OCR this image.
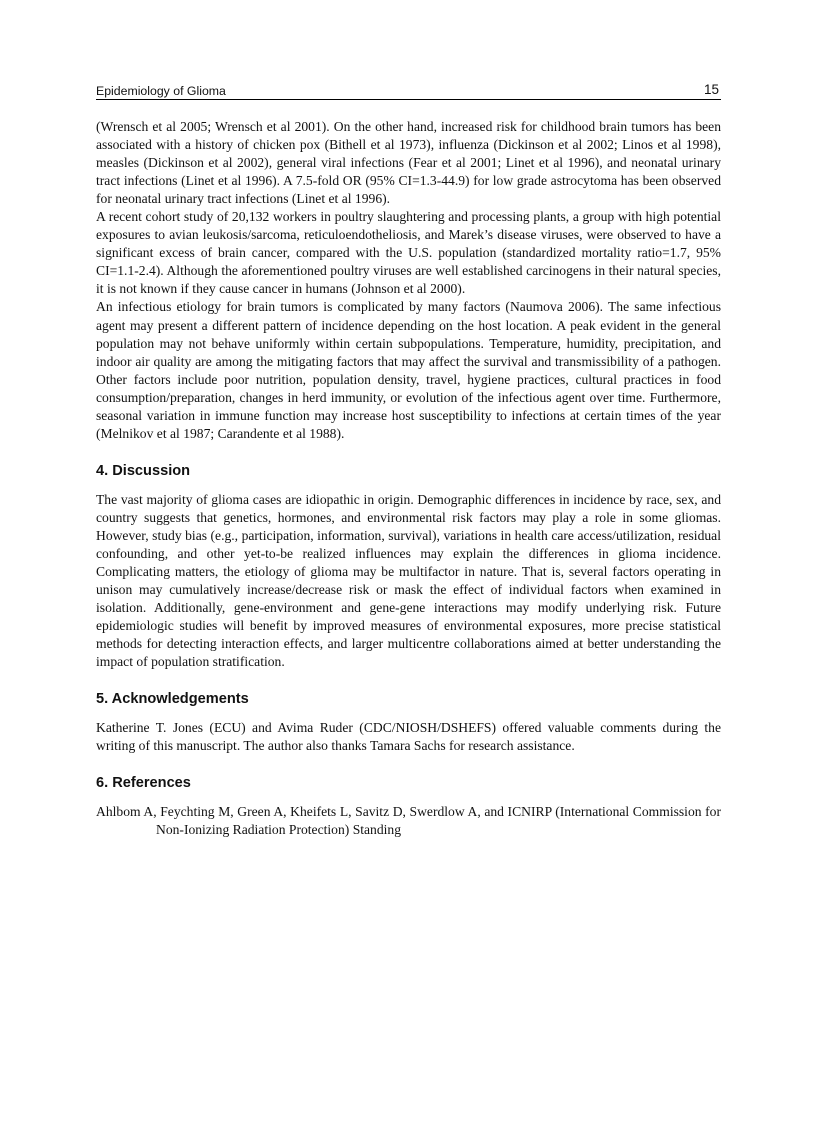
Epidemiology of Glioma	15

(Wrensch et al 2005; Wrensch et al 2001). On the other hand, increased risk for childhood brain tumors has been associated with a history of chicken pox (Bithell et al 1973), influenza (Dickinson et al 2002; Linos et al 1998), measles (Dickinson et al 2002), general viral infections (Fear et al 2001; Linet et al 1996), and neonatal urinary tract infections (Linet et al 1996). A 7.5-fold OR (95% CI=1.3-44.9) for low grade astrocytoma has been observed for neonatal urinary tract infections (Linet et al 1996).

A recent cohort study of 20,132 workers in poultry slaughtering and processing plants, a group with high potential exposures to avian leukosis/sarcoma, reticuloendotheliosis, and Marek’s disease viruses, were observed to have a significant excess of brain cancer, compared with the U.S. population (standardized mortality ratio=1.7, 95% CI=1.1-2.4). Although the aforementioned poultry viruses are well established carcinogens in their natural species, it is not known if they cause cancer in humans (Johnson et al 2000).

An infectious etiology for brain tumors is complicated by many factors (Naumova 2006). The same infectious agent may present a different pattern of incidence depending on the host location. A peak evident in the general population may not behave uniformly within certain subpopulations. Temperature, humidity, precipitation, and indoor air quality are among the mitigating factors that may affect the survival and transmissibility of a pathogen. Other factors include poor nutrition, population density, travel, hygiene practices, cultural practices in food consumption/preparation, changes in herd immunity, or evolution of the infectious agent over time. Furthermore, seasonal variation in immune function may increase host susceptibility to infections at certain times of the year (Melnikov et al 1987; Carandente et al 1988).

4. Discussion

The vast majority of glioma cases are idiopathic in origin. Demographic differences in incidence by race, sex, and country suggests that genetics, hormones, and environmental risk factors may play a role in some gliomas. However, study bias (e.g., participation, information, survival), variations in health care access/utilization, residual confounding, and other yet-to-be realized influences may explain the differences in glioma incidence. Complicating matters, the etiology of glioma may be multifactor in nature. That is, several factors operating in unison may cumulatively increase/decrease risk or mask the effect of individual factors when examined in isolation. Additionally, gene-environment and gene-gene interactions may modify underlying risk. Future epidemiologic studies will benefit by improved measures of environmental exposures, more precise statistical methods for detecting interaction effects, and larger multicentre collaborations aimed at better understanding the impact of population stratification.

5. Acknowledgements

Katherine T. Jones (ECU) and Avima Ruder (CDC/NIOSH/DSHEFS) offered valuable comments during the writing of this manuscript. The author also thanks Tamara Sachs for research assistance.

6. References

Ahlbom A, Feychting M, Green A, Kheifets L, Savitz D, Swerdlow A, and ICNIRP (International Commission for Non-Ionizing Radiation Protection) Standing
